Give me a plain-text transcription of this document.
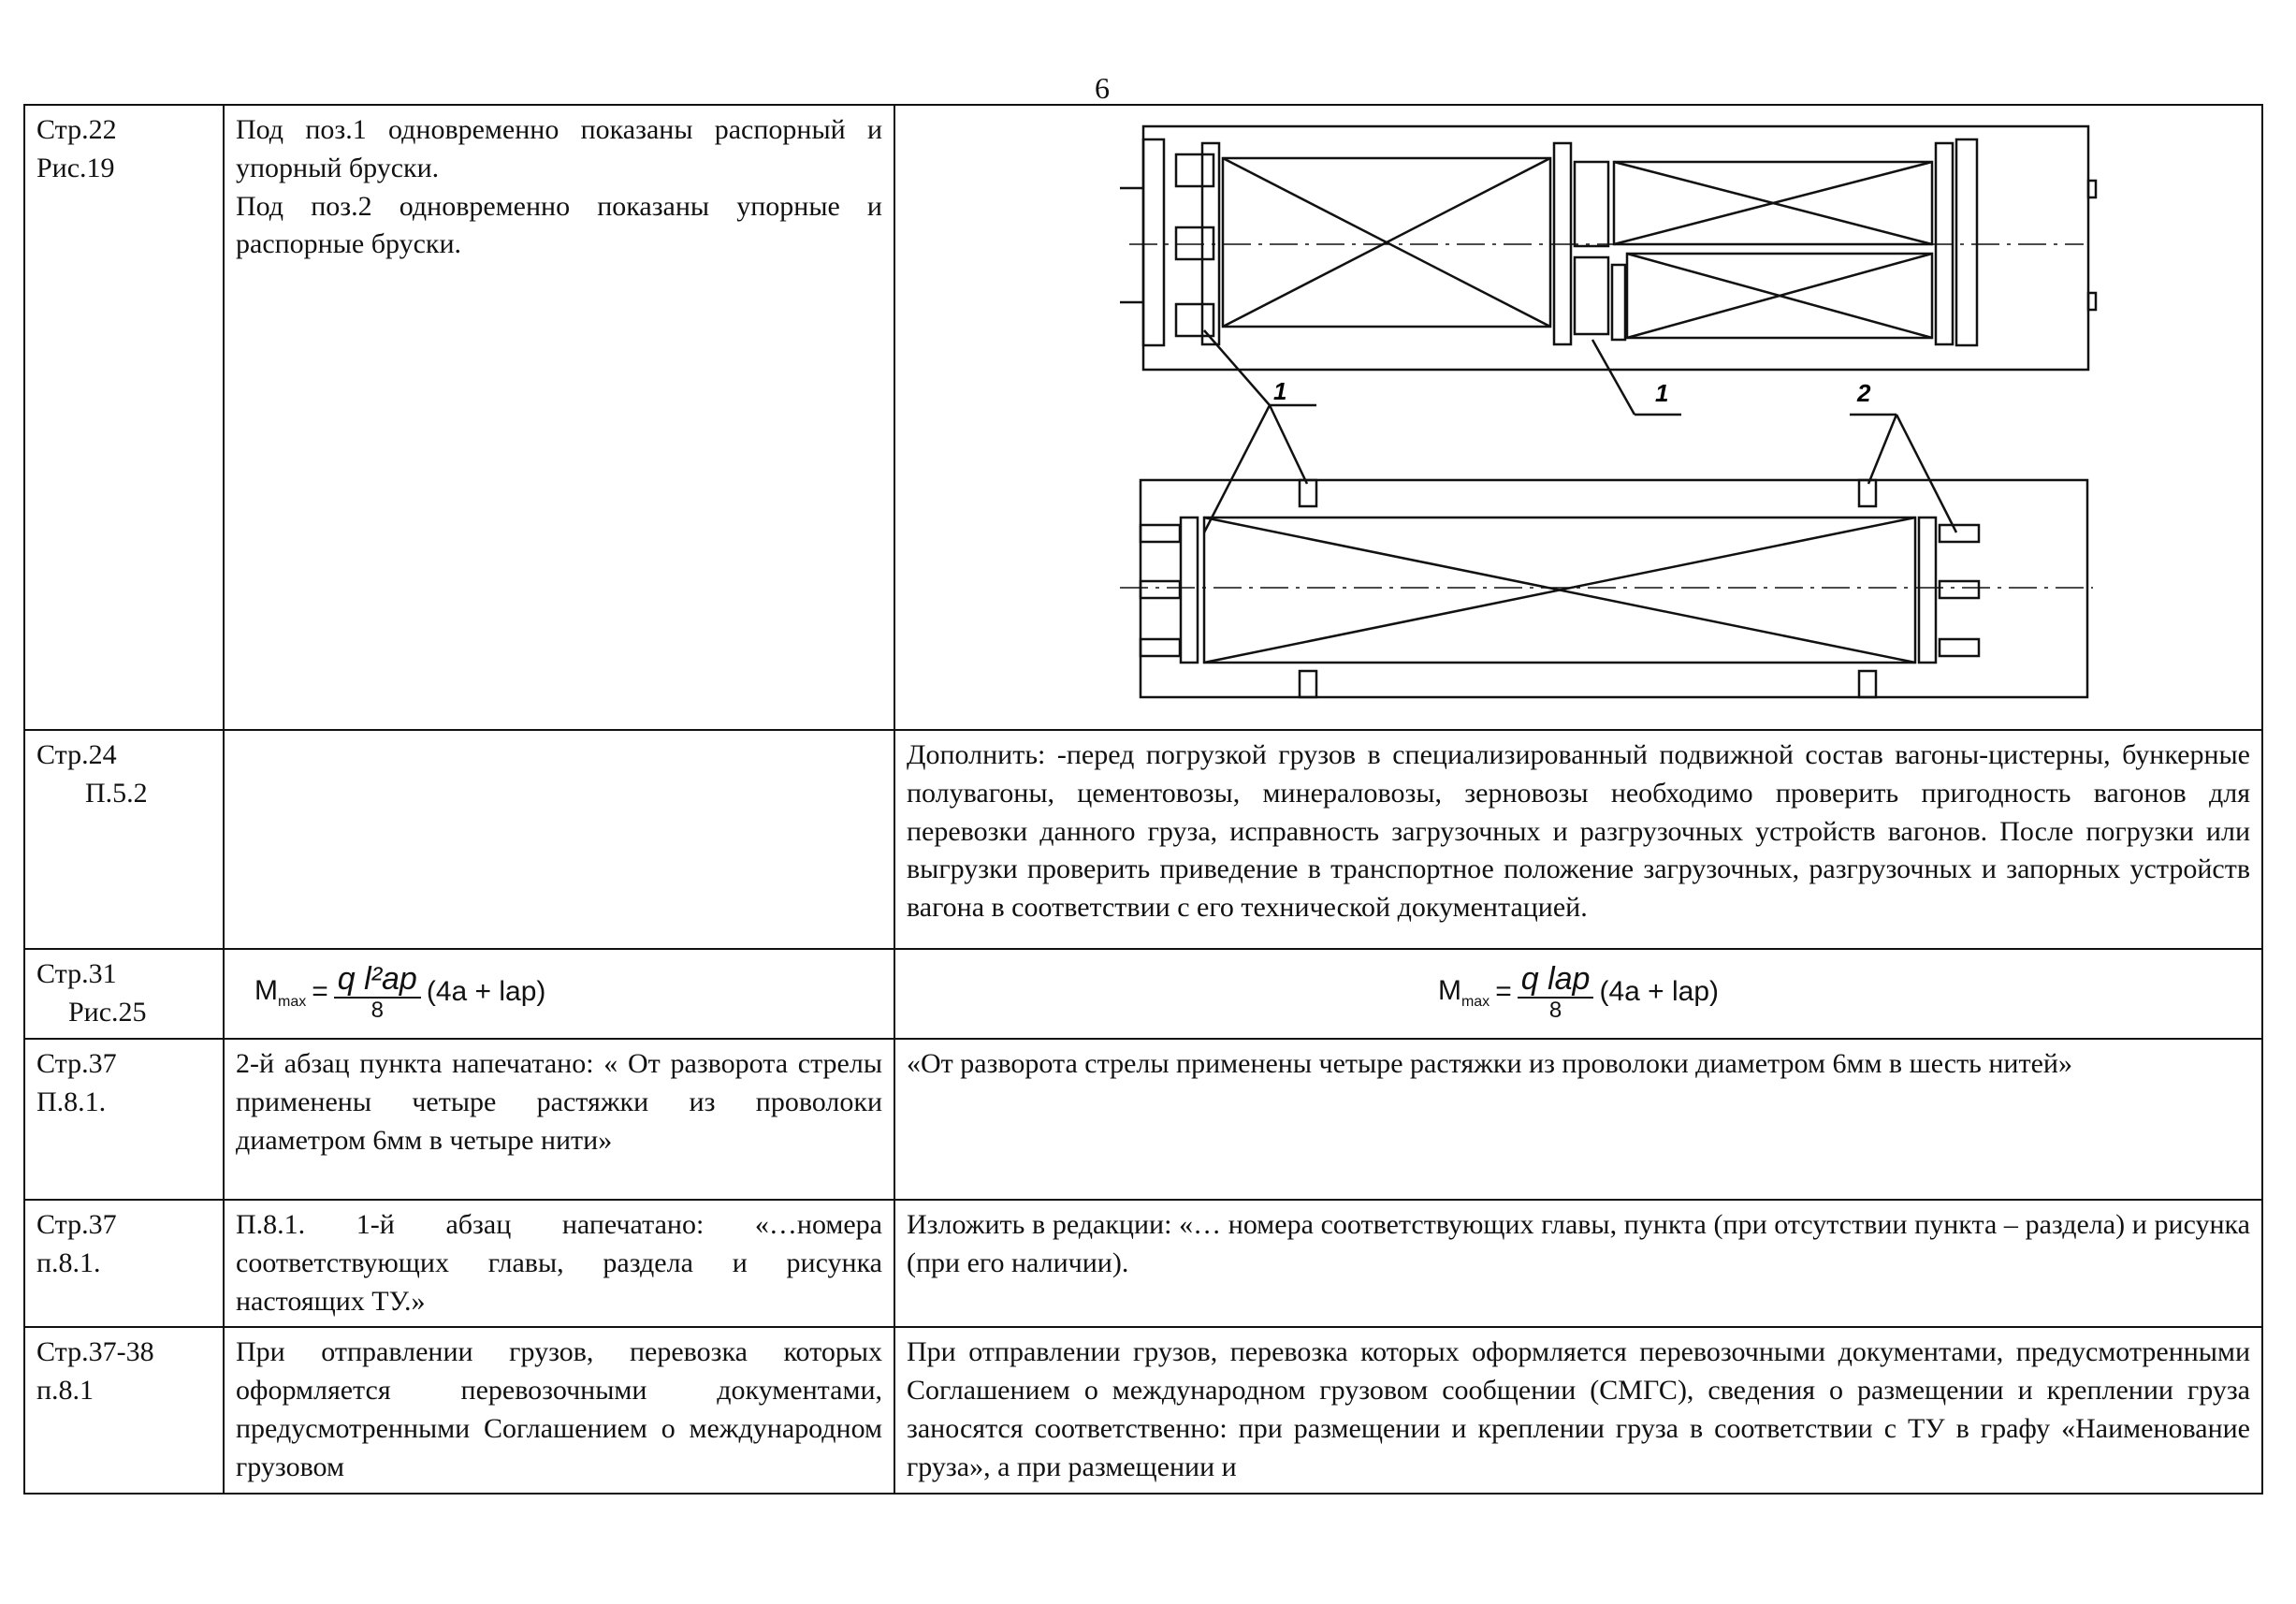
6
Стр.22
Рис.19	Под поз.1 одновременно показаны распорный и упорный бруски.
Под поз.2 одновременно показаны упорные и распорные бруски.	1 1 2

Стр.24
П.5.2		Дополнить: -перед погрузкой грузов в специализированный подвижной состав вагоны-цистерны, бункерные полувагоны, цементовозы, минераловозы, зерновозы необходимо проверить пригодность вагонов для перевозки данного груза, исправность загрузочных и разгрузочных устройств вагонов. После погрузки или выгрузки проверить приведение в транспортное положение загрузочных, разгрузочных и запорных устройств вагона в соответствии с его технической документацией.

Стр.31
Рис.25	$M_{max} = \frac{\text{q l²ар}}{8} (4a + lар)$	$M_{max} = \frac{\text{q lар}}{8} (4a + lар)$

Стр.37
П.8.1.	2-й абзац пункта напечатано: « От разворота стрелы применены четыре растяжки из проволоки диаметром 6мм в четыре нити»	«От разворота стрелы применены четыре растяжки из проволоки диаметром 6мм в шесть нитей»

Стр.37
п.8.1.	П.8.1. 1-й абзац напечатано: «…номера соответствующих главы, раздела и рисунка настоящих ТУ.»	Изложить в редакции: «… номера соответствующих главы, пункта (при отсутствии пункта – раздела) и рисунка (при его наличии).

Стр.37-38
п.8.1	При отправлении грузов, перевозка которых оформляется перевозочными документами, предусмотренными Соглашением о международном грузовом	При отправлении грузов, перевозка которых оформляется перевозочными документами, предусмотренными Соглашением о международном грузовом сообщении (СМГС), сведения о размещении и креплении груза заносятся соответственно: при размещении и креплении груза в соответствии с ТУ в графу «Наименование груза», а при размещении и
